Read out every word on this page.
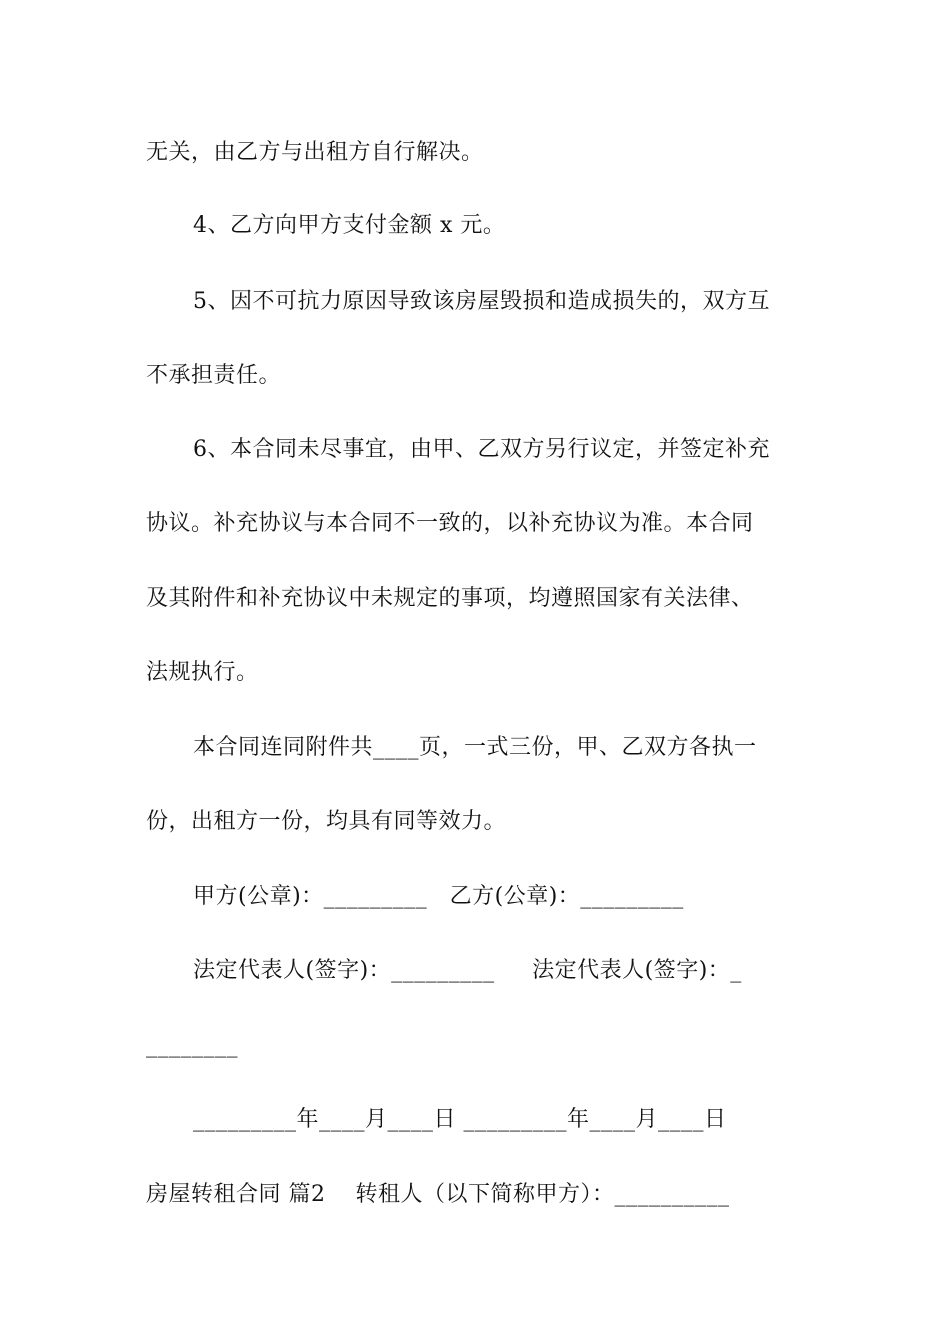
无关，由乙方与出租方自行解决。
4、乙方向甲方支付金额 x 元。
5、因不可抗力原因导致该房屋毁损和造成损失的，双方互
不承担责任。
6、本合同未尽事宜，由甲、乙双方另行议定，并签定补充
协议。补充协议与本合同不一致的，以补充协议为准。本合同
及其附件和补充协议中未规定的事项，均遵照国家有关法律、
法规执行。
本合同连同附件共____页，一式三份，甲、乙双方各执一
份，出租方一份，均具有同等效力。
甲方(公章)：_________   乙方(公章)：_________
法定代表人(签字)：_________     法定代表人(签字)：_
________
_________年____月____日 _________年____月____日
房屋转租合同 篇2    转租人（以下简称甲方）：__________
